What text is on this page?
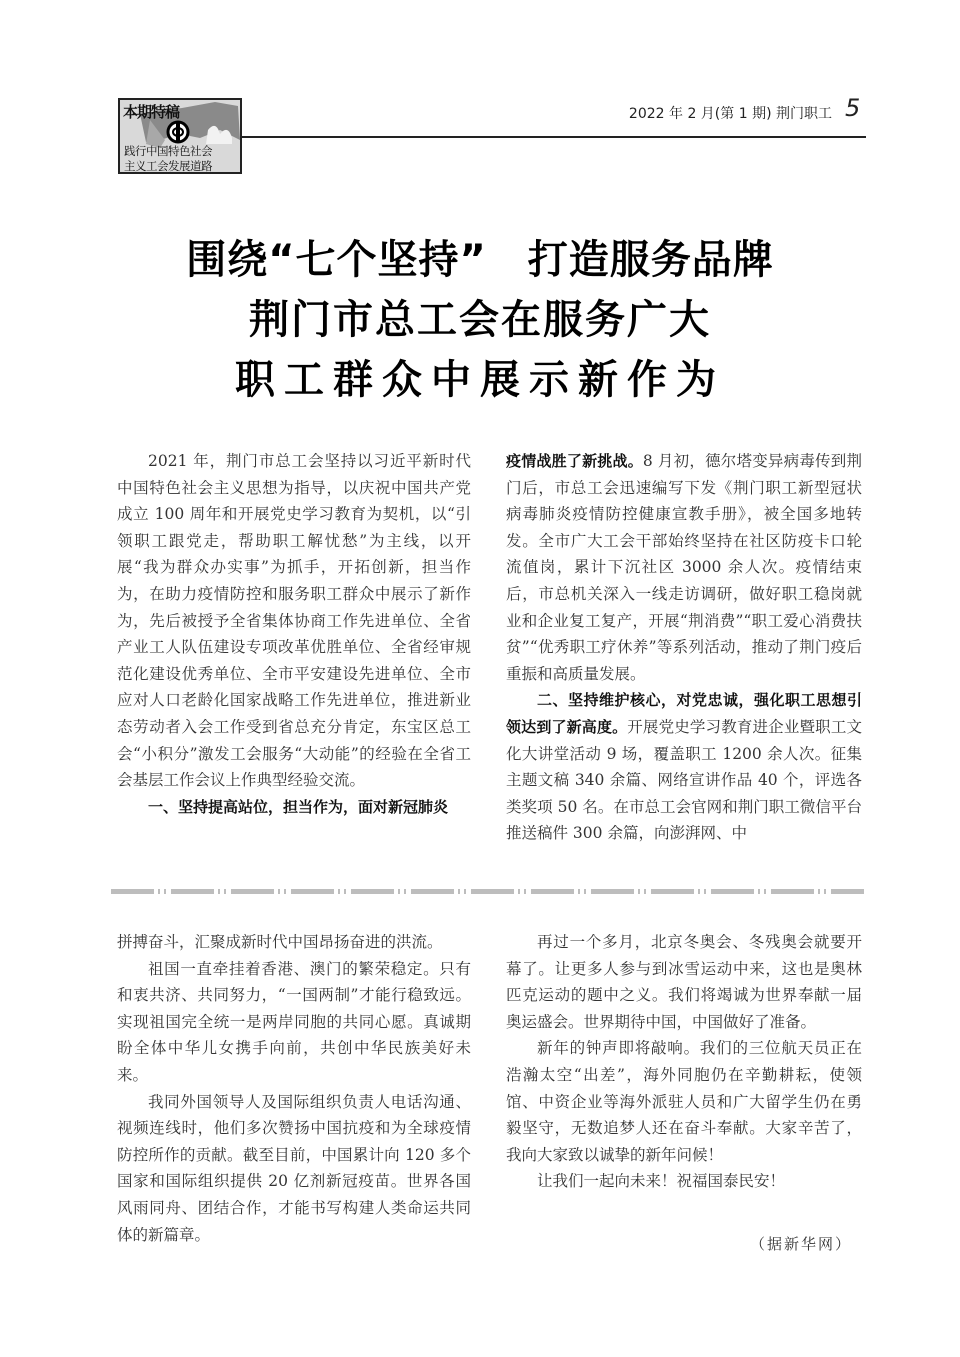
本期特稿
践行中国特色社会
主义工会发展道路
2022 年 2 月(第 1 期) 荆门职工 5
围绕“七个坚持”　打造服务品牌
荆门市总工会在服务广大
职工群众中展示新作为

2021 年，荆门市总工会坚持以习近平新时代中国特色社会主义思想为指导，以庆祝中国共产党成立 100 周年和开展党史学习教育为契机，以“引领职工跟党走，帮助职工解忧愁”为主线，以开展“我为群众办实事”为抓手，开拓创新，担当作为，在助力疫情防控和服务职工群众中展示了新作为，先后被授予全省集体协商工作先进单位、全省产业工人队伍建设专项改革优胜单位、全省经审规范化建设优秀单位、全市平安建设先进单位、全市应对人口老龄化国家战略工作先进单位，推进新业态劳动者入会工作受到省总充分肯定，东宝区总工会“小积分”激发工会服务“大动能”的经验在全省工会基层工作会议上作典型经验交流。

一、坚持提高站位，担当作为，面对新冠肺炎

疫情战胜了新挑战。8 月初，德尔塔变异病毒传到荆门后，市总工会迅速编写下发《荆门职工新型冠状病毒肺炎疫情防控健康宣教手册》，被全国多地转发。全市广大工会干部始终坚持在社区防疫卡口轮流值岗，累计下沉社区 3000 余人次。疫情结束后，市总机关深入一线走访调研，做好职工稳岗就业和企业复工复产，开展“荆消费”“职工爱心消费扶贫”“优秀职工疗休养”等系列活动，推动了荆门疫后重振和高质量发展。

二、坚持维护核心，对党忠诚，强化职工思想引领达到了新高度。开展党史学习教育进企业暨职工文化大讲堂活动 9 场，覆盖职工 1200 余人次。征集主题文稿 340 余篇、网络宣讲作品 40 个，评选各类奖项 50 名。在市总工会官网和荆门职工微信平台推送稿件 300 余篇，向澎湃网、中

拼搏奋斗，汇聚成新时代中国昂扬奋进的洪流。

祖国一直牵挂着香港、澳门的繁荣稳定。只有和衷共济、共同努力，“一国两制”才能行稳致远。实现祖国完全统一是两岸同胞的共同心愿。真诚期盼全体中华儿女携手向前，共创中华民族美好未来。

我同外国领导人及国际组织负责人电话沟通、视频连线时，他们多次赞扬中国抗疫和为全球疫情防控所作的贡献。截至目前，中国累计向 120 多个国家和国际组织提供 20 亿剂新冠疫苗。世界各国风雨同舟、团结合作，才能书写构建人类命运共同体的新篇章。

再过一个多月，北京冬奥会、冬残奥会就要开幕了。让更多人参与到冰雪运动中来，这也是奥林匹克运动的题中之义。我们将竭诚为世界奉献一届奥运盛会。世界期待中国，中国做好了准备。

新年的钟声即将敲响。我们的三位航天员正在浩瀚太空“出差”，海外同胞仍在辛勤耕耘，使领馆、中资企业等海外派驻人员和广大留学生仍在勇毅坚守，无数追梦人还在奋斗奉献。大家辛苦了，我向大家致以诚挚的新年问候！

让我们一起向未来！祝福国泰民安！

（据新华网）
